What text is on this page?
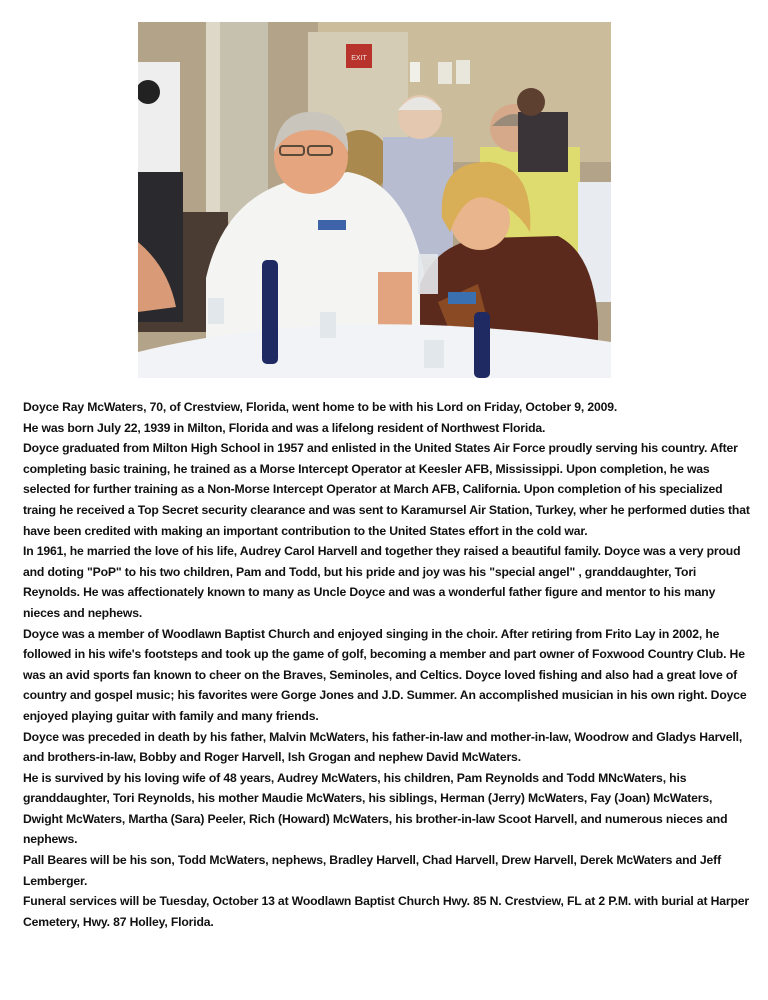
EXIT

Doyce Ray McWaters, 70, of Crestview, Florida, went home to be with his Lord on Friday, October 9, 2009.

He was born July 22, 1939 in Milton, Florida and was a lifelong resident of Northwest Florida.

Doyce graduated from Milton High School in 1957 and enlisted in the United States Air Force proudly serving his country. After completing basic training, he trained as a Morse Intercept Operator at Keesler AFB, Mississippi. Upon completion, he was selected for further training as a Non-Morse Intercept Operator at March AFB, California. Upon completion of his specialized traing he received a Top Secret security clearance and was sent to Karamursel Air Station, Turkey, wher he performed duties that have been credited with making an important contribution to the United States effort in the cold war.

In 1961, he married the love of his life, Audrey Carol Harvell and together they raised a beautiful family. Doyce was a very proud and doting "PoP" to his two children, Pam and Todd, but his pride and joy was his "special angel" , granddaughter, Tori Reynolds. He was affectionately known to many as Uncle Doyce and was a wonderful father figure and mentor to his many nieces and nephews.

Doyce was a member of Woodlawn Baptist Church and enjoyed singing in the choir. After retiring from Frito Lay in 2002, he followed in his wife's footsteps and took up the game of golf, becoming a member and part owner of Foxwood Country Club. He was an avid sports fan known to cheer on the Braves, Seminoles, and Celtics. Doyce loved fishing and also had a great love of country and gospel music; his favorites were Gorge Jones and J.D. Summer. An accomplished musician in his own right. Doyce enjoyed playing guitar with family and many friends.

Doyce was preceded in death by his father, Malvin McWaters, his father-in-law and mother-in-law, Woodrow and Gladys Harvell, and brothers-in-law, Bobby and Roger Harvell, Ish Grogan and nephew David McWaters.

He is survived by his loving wife of 48 years, Audrey McWaters, his children, Pam Reynolds and Todd MNcWaters, his granddaughter, Tori Reynolds, his mother Maudie McWaters, his siblings, Herman (Jerry) McWaters, Fay (Joan) McWaters, Dwight McWaters, Martha (Sara) Peeler, Rich (Howard) McWaters, his brother-in-law Scoot Harvell, and numerous nieces and nephews.

Pall Beares will be his son, Todd McWaters, nephews, Bradley Harvell, Chad Harvell, Drew Harvell, Derek McWaters and Jeff Lemberger.

Funeral services will be Tuesday, October 13 at Woodlawn Baptist Church Hwy. 85 N. Crestview, FL at 2 P.M. with burial at Harper Cemetery, Hwy. 87 Holley, Florida.
